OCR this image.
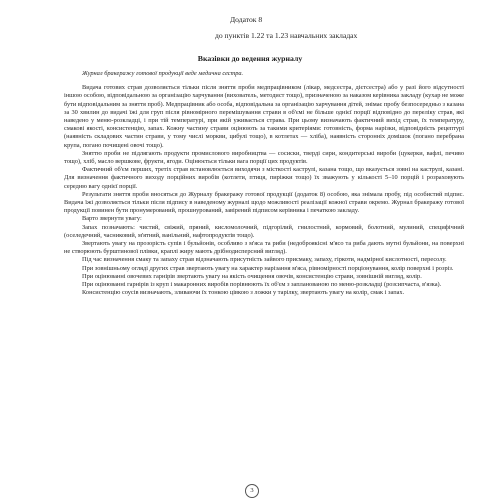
Додаток 8
до пунктів 1.22 та 1.23 навчальних закладах
Вказівки до ведення журналу

Журнал бракеражу готової продукції веде медична сестра.

Видача готових страв дозволяється тільки після зняття проби медпрацівником (лікар, медсестра, дієтсестра) або у разі його відсутності іншою особою, відповідальною за організацію харчування (вихователь, методист тощо), призначеною за наказом керівника закладу (кухар не може бути відповідальним за зняття проб). Медпрацівник або особа, відповідальна за організацію харчування дітей, знімає пробу безпосередньо з казана за 30 хвилин до видачі їжі для груп після рівномірного перемішування страви в об'ємі не більше однієї порції відповідно до переліку страв, які наведено у меню-розкладці, і при тій температурі, при якій уживається страва. При цьому визначають фактичний вихід страв, їх температуру, смакові якості, консистенцію, запах. Кожну частину страви оцінюють за такими критеріями: готовність, форма нарізки, відповідність рецептурі (наявність складових частин страви, у тому числі моркви, цибулі тощо), в котлетах — хліба), наявність сторонніх домішок (погано перебрана крупа, погано почищені овочі тощо).

Зняттю проби не підлягають продукти промислового виробництва — сосиски, тверді сири, кондитерські вироби (цукерки, вафлі, печиво тощо), хліб, масло вершкове, фрукти, ягоди. Оцінюється тільки вага порції цих продуктів.

Фактичний об'єм перших, третіх страв встановлюється виходячи з місткості каструлі, казана тощо, що вказується зовні на каструлі, казані. Для визначення фактичного виходу порційних виробів (котлети, птиця, пиріжки тощо) їх зважують у кількості 5–10 порцій і розраховують середню вагу однієї порції.

Результати зняття проби вносяться до Журналу бракеражу готової продукції (додаток 8) особою, яка знімала пробу, під особистий підпис. Видача їжі дозволяється тільки після підпису в наведеному журналі щодо можливості реалізації кожної страви окремо. Журнал бракеражу готової продукції повинен бути пронумерований, прошнурований, завірений підписом керівника і печаткою закладу.

Варто звернути увагу:

Запах позначають: чистий, свіжий, пряний, кисломолочний, підгорілий, гнилостний, кормовий, болотний, мулиний, специфічний (оселедечний, часниковий, м'ятний, ванільний, нафтопродуктів тощо).

Звертають увагу на прозорість супів і бульйонів, особливо з м'яса та риби (недоброякісні м'ясо та риба дають мутні бульйони, на поверхні не створюють бурштинової плівки, краплі жиру мають дрібнодисперсний вигляд).

Під час визначення смаку та запаху страв відзначають присутність зайвого присмаку, запаху, гіркоти, надмірної кислотності, пересолу.

При зовнішньому огляді других страв звертають увагу на характер нарізання м'яса, рівномірності порціонування, колір поверхні і розріз.

При оцінюванні овочевих гарнірів звертають увагу на якість очищення овочів, консистенцію страви, зовнішній вигляд, колір.

При оцінюванні гарнірів із круп і макаронних виробів порівнюють їх об'єм з запланованою по меню-розкладці (розсипчаста, в'язка).

Консистенцію соусів визначають, зливаючи їх тонкою цівкою з ложки у тарілку, звертають увагу на колір, смак і запах.

3
